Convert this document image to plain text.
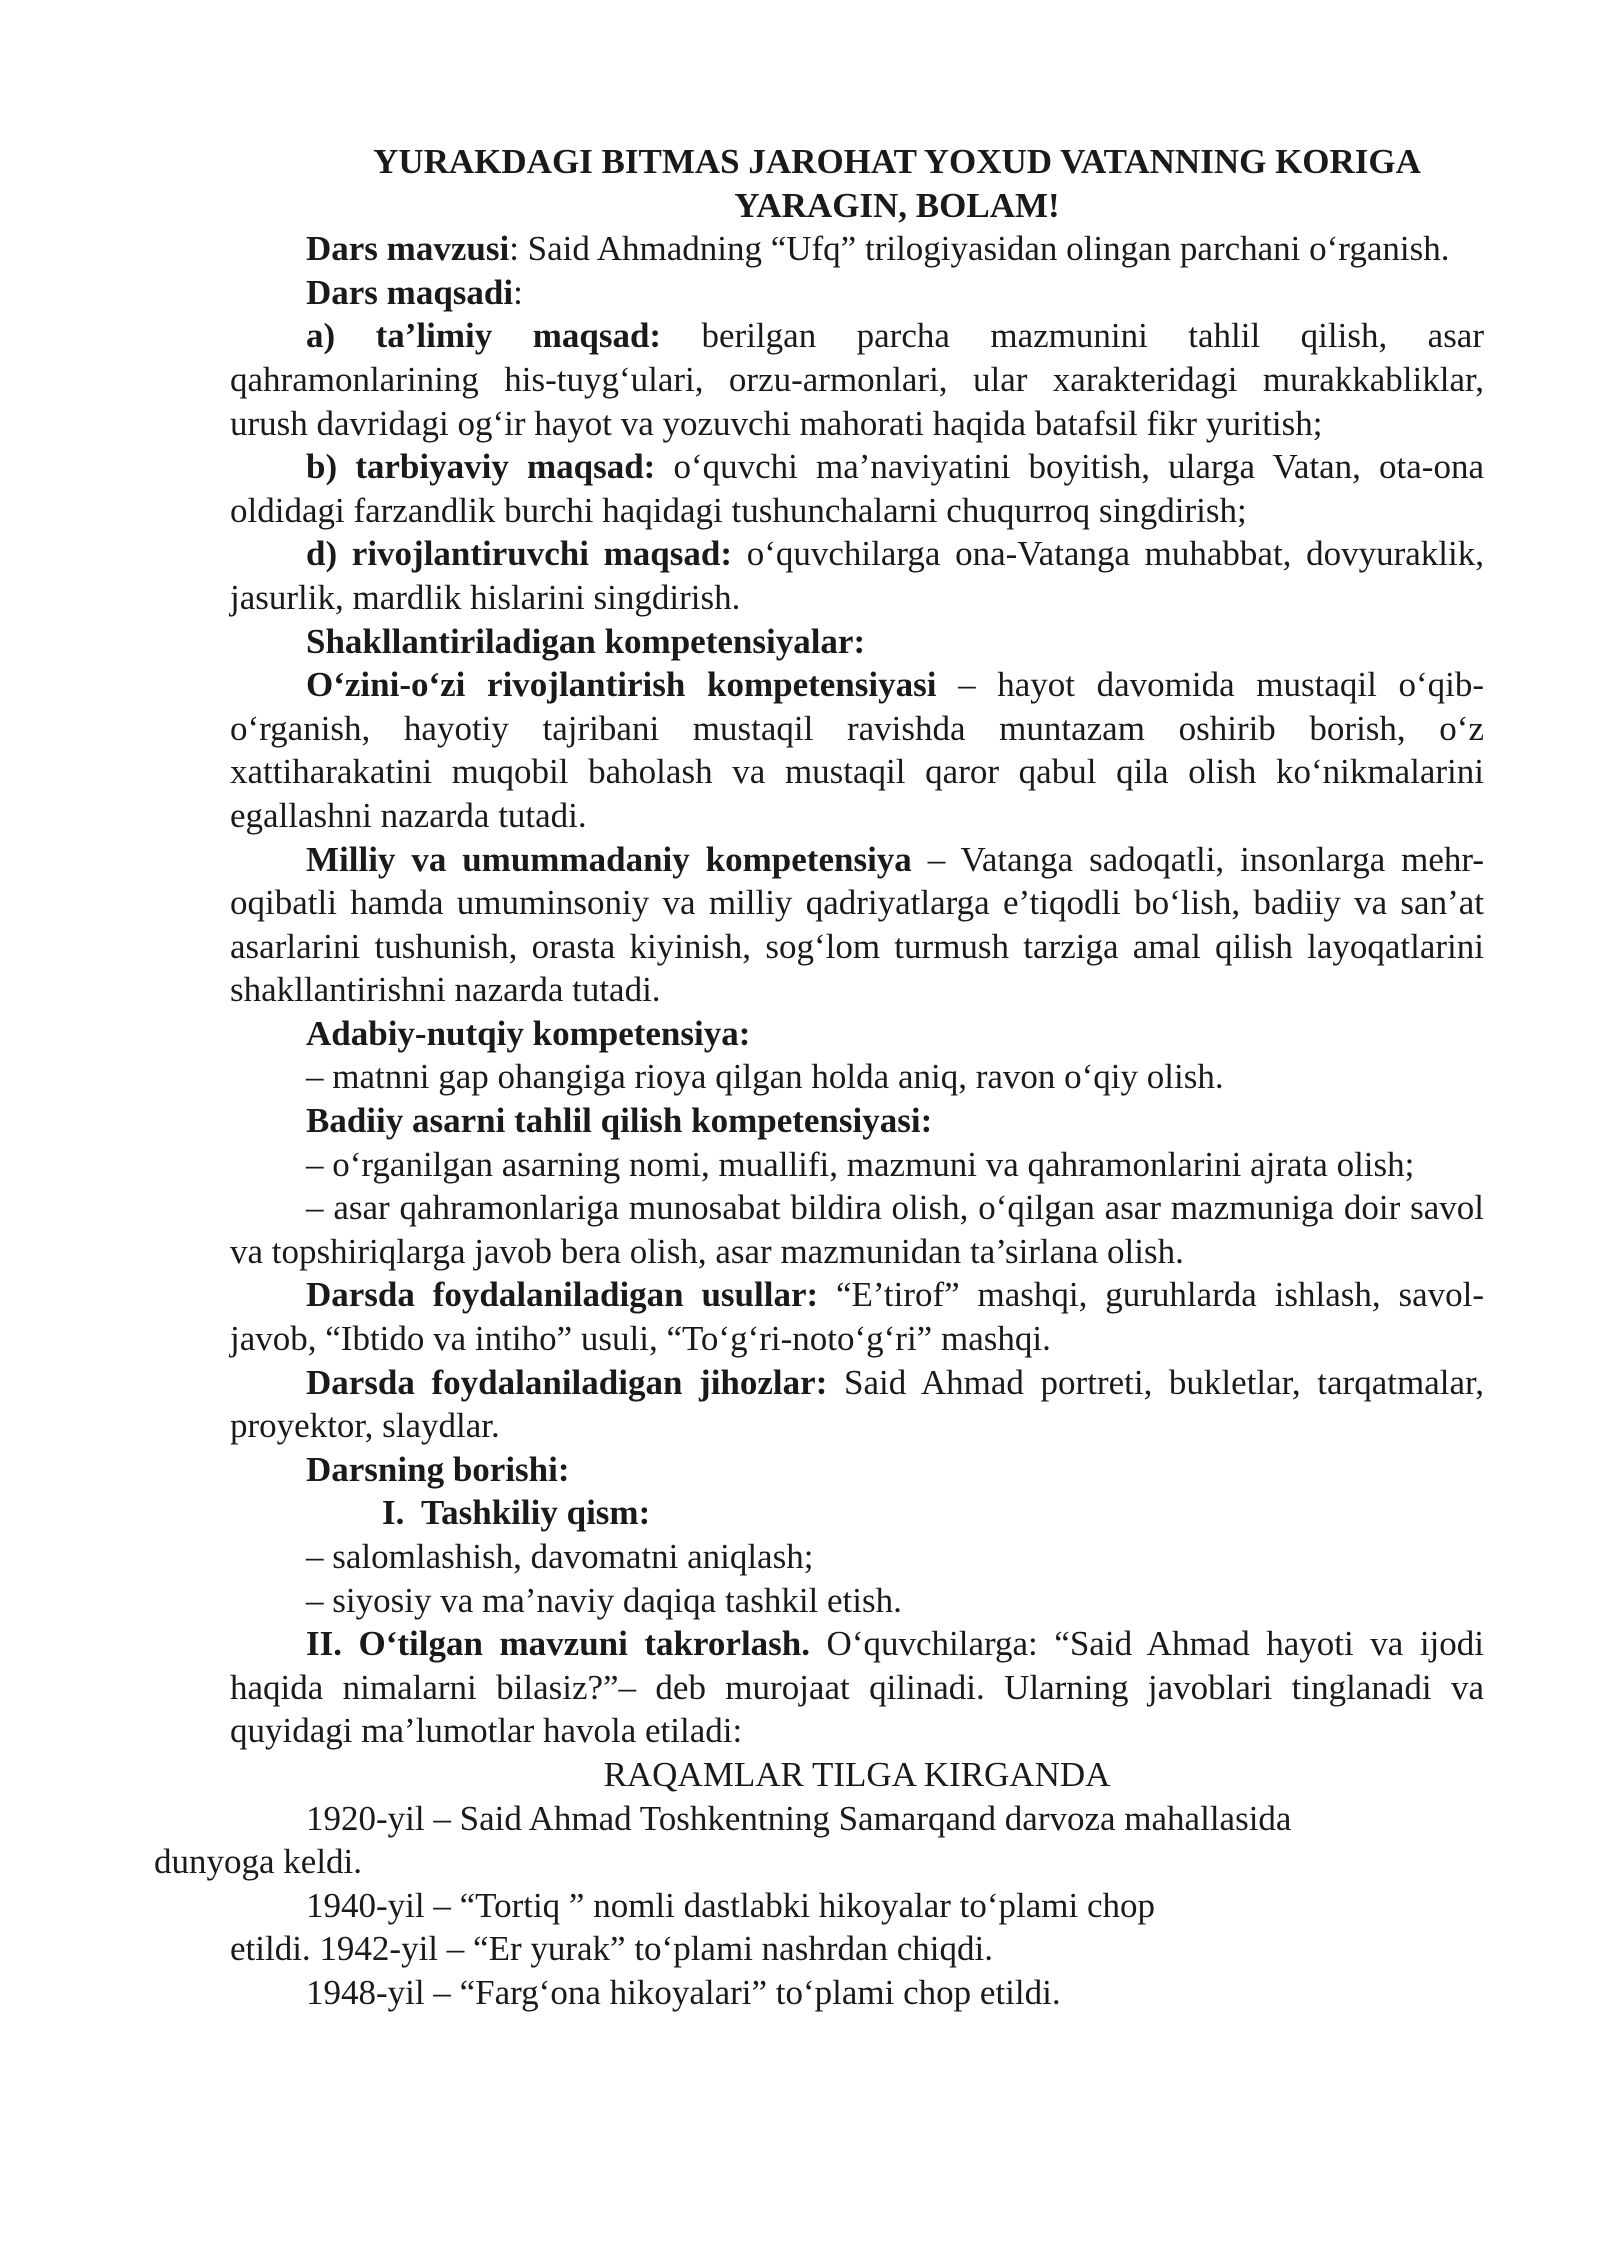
YURAKDAGI BITMAS JAROHAT YOXUD VATANNING KORIGA
YARAGIN, BOLAM!

Dars mavzusi: Said Ahmadning “Ufq” trilogiyasidan olingan parchani o‘rganish.

Dars maqsadi:

a) ta’limiy maqsad: berilgan parcha mazmunini tahlil qilish, asar qahramonlarining his-tuyg‘ulari, orzu-armonlari, ular xarakteridagi murakkabliklar, urush davridagi og‘ir hayot va yozuvchi mahorati haqida batafsil fikr yuritish;

b) tarbiyaviy maqsad: o‘quvchi ma’naviyatini boyitish, ularga Vatan, ota-ona oldidagi farzandlik burchi haqidagi tushunchalarni chuqurroq singdirish;

d) rivojlantiruvchi maqsad: o‘quvchilarga ona-Vatanga muhabbat, dovyuraklik, jasurlik, mardlik hislarini singdirish.

Shakllantiriladigan kompetensiyalar:

O‘zini-o‘zi rivojlantirish kompetensiyasi – hayot davomida mustaqil o‘qib-o‘rganish, hayotiy tajribani mustaqil ravishda muntazam oshirib borish, o‘z xattiharakatini muqobil baholash va mustaqil qaror qabul qila olish ko‘nikmalarini egallashni nazarda tutadi.

Milliy va umummadaniy kompetensiya – Vatanga sadoqatli, insonlarga mehr-oqibatli hamda umuminsoniy va milliy qadriyatlarga e’tiqodli bo‘lish, badiiy va san’at asarlarini tushunish, orasta kiyinish, sog‘lom turmush tarziga amal qilish layoqatlarini shakllantirishni nazarda tutadi.

Adabiy-nutqiy kompetensiya:

– matnni gap ohangiga rioya qilgan holda aniq, ravon o‘qiy olish.

Badiiy asarni tahlil qilish kompetensiyasi:

– o‘rganilgan asarning nomi, muallifi, mazmuni va qahramonlarini ajrata olish;

– asar qahramonlariga munosabat bildira olish, o‘qilgan asar mazmuniga doir savol va topshiriqlarga javob bera olish, asar mazmunidan ta’sirlana olish.

Darsda foydalaniladigan usullar: “E’tirof” mashqi, guruhlarda ishlash, savol-javob, “Ibtido va intiho” usuli, “To‘g‘ri-noto‘g‘ri” mashqi.

Darsda foydalaniladigan jihozlar: Said Ahmad portreti, bukletlar, tarqatmalar, proyektor, slaydlar.

Darsning borishi:

I. Tashkiliy qism:

– salomlashish, davomatni aniqlash;

– siyosiy va ma’naviy daqiqa tashkil etish.

II. O‘tilgan mavzuni takrorlash. O‘quvchilarga: “Said Ahmad hayoti va ijodi haqida nimalarni bilasiz?”– deb murojaat qilinadi. Ularning javoblari tinglanadi va quyidagi ma’lumotlar havola etiladi:

RAQAMLAR TILGA KIRGANDA

1920-yil – Said Ahmad Toshkentning Samarqand darvoza mahallasida
dunyoga keldi.

1940-yil – “Tortiq ” nomli dastlabki hikoyalar to‘plami chop
etildi. 1942-yil – “Er yurak” to‘plami nashrdan chiqdi.

1948-yil – “Farg‘ona hikoyalari” to‘plami chop etildi.
